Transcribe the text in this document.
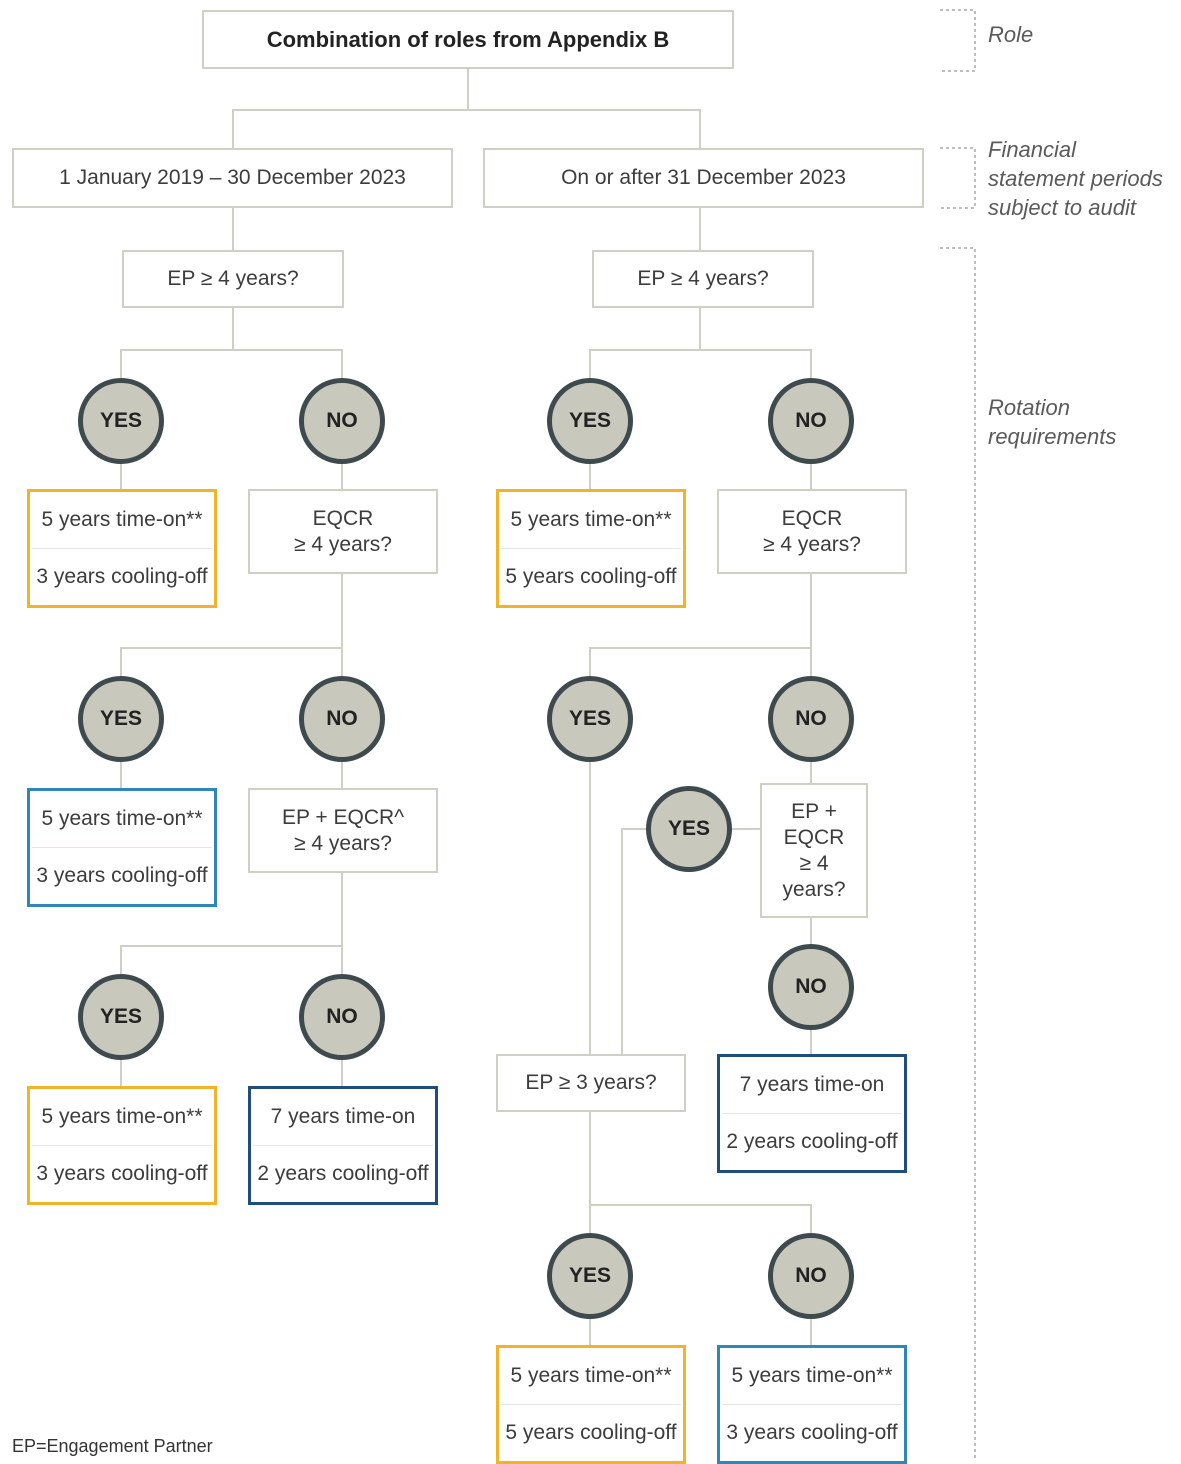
Combination of roles from Appendix B	Role
Financial
statement periods
subject to audit
Rotation
requirements
1 January 2019 – 30 December 2023	On or after 31 December 2023
EP ≥ 4 years?
YES	NO
5 years time-on**
3 years cooling-off
EQCR
≥ 4 years?
YES	NO
5 years time-on**
3 years cooling-off
EP + EQCR^
≥ 4 years?
YES	NO
5 years time-on**
3 years cooling-off
7 years time-on
2 years cooling-off
EP ≥ 4 years?
YES	NO
5 years time-on**
5 years cooling-off
EQCR
≥ 4 years?
YES	NO
YES
EP +
EQCR
≥ 4
years?
NO
EP ≥ 3 years?	7 years time-on
2 years cooling-off
YES	NO
5 years time-on**
5 years cooling-off
5 years time-on**
3 years cooling-off
EP=Engagement Partner
